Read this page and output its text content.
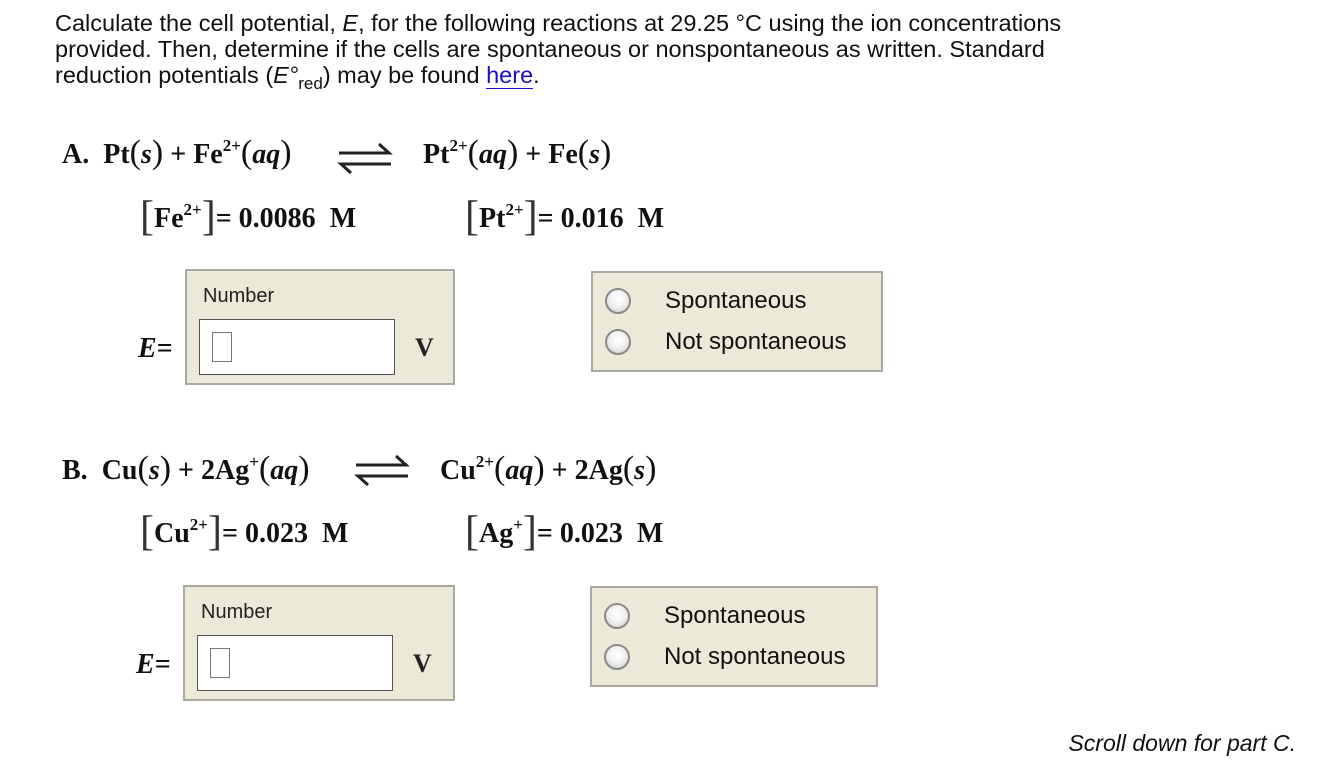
Calculate the cell potential, E, for the following reactions at 29.25 °C using the ion concentrations
provided. Then, determine if the cells are spontaneous or nonspontaneous as written. Standard
reduction potentials $(E^\circ_{red})$ may be found here.
A. $Pt(s) + Fe^{2+}(aq)$	$Pt^{2+}(aq) + Fe(s)$
$[Fe^{2+}]= 0.0086$ M	$[Pt^{2+}]= 0.016$ M
E=
Number
V
Spontaneous
Not spontaneous
B. Cu(s) + 2Ag+(aq)	$Cu^{2+}(aq) + 2Ag(s)$
$[Cu^{2+}]= 0.023$ M	[Ag+]= 0.023 M
E=
Number
V
Spontaneous
Not spontaneous
Scroll down for part C.
